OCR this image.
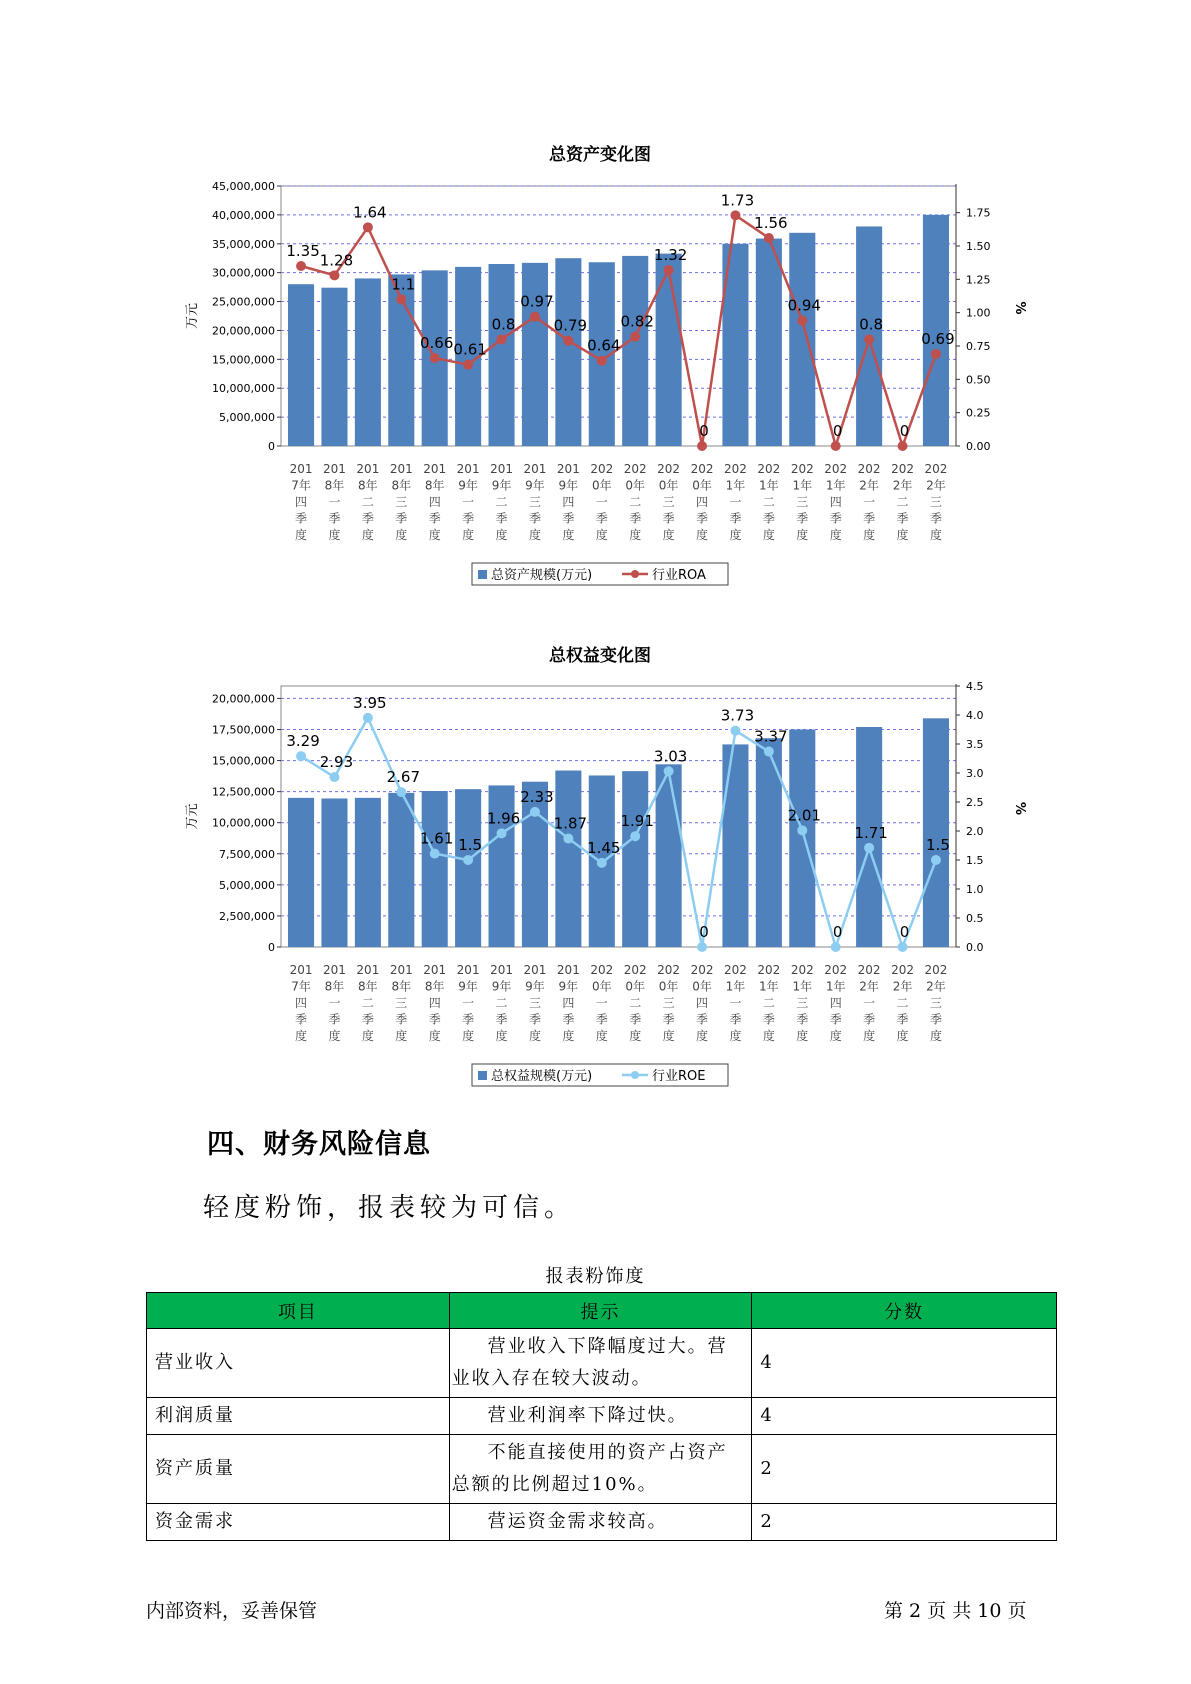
总资产变化图
0
5,000,000
10,000,000
15,000,000
20,000,000
25,000,000
30,000,000
35,000,000
40,000,000
45,000,000
0.00
0.25
0.50
0.75
1.00
1.25
1.50
1.75
万元	%
1.35
1.28
1.64
1.1
0.66 0.61
0.8
0.97
0.79
0.64
0.82
1.32
0
1.73
1.56
0.94
0
0.8
0
0.69
201
7年
四
季
度
201
8年
一
季
度
201
8年
二
季
度
201
8年
三
季
度
201
8年
四
季
度
201
9年
一
季
度
201
9年
二
季
度
201
9年
三
季
度
201
9年
四
季
度
202
0年
一
季
度
202
0年
二
季
度
202
0年
三
季
度
202
0年
四
季
度
202
1年
一
季
度
202
1年
二
季
度
202
1年
三
季
度
202
1年
四
季
度
202
2年
一
季
度
202
2年
二
季
度
202
2年
三
季
度
总资产规模(万元)	行业ROA
总权益变化图
0
2,500,000
5,000,000
7,500,000
10,000,000
12,500,000
15,000,000
17,500,000
20,000,000
0.0
0.5
1.0
1.5
2.0
2.5
3.0
3.5
4.0
4.5
万元	%
3.29
2.93
3.95
2.67
1.61 1.5
1.96
2.33
1.87
1.45
1.91
3.03
0
3.73
3.37
2.01
0
1.71
0
1.5
201
7年
四
季
度
201
8年
一
季
度
201
8年
二
季
度
201
8年
三
季
度
201
8年
四
季
度
201
9年
一
季
度
201
9年
二
季
度
201
9年
三
季
度
201
9年
四
季
度
202
0年
一
季
度
202
0年
二
季
度
202
0年
三
季
度
202
0年
四
季
度
202
1年
一
季
度
202
1年
二
季
度
202
1年
三
季
度
202
1年
四
季
度
202
2年
一
季
度
202
2年
二
季
度
202
2年
三
季
度
总权益规模(万元)	行业ROE
四、财务风险信息
轻度粉饰，报表较为可信。
报表粉饰度
项目	提示	分数
营业收入	营业收入下降幅度过大。营业收入存在较大波动。	4
利润质量	营业利润率下降过快。	4
资产质量	不能直接使用的资产占资产总额的比例超过10%。	2
资金需求	营运资金需求较高。	2
内部资料，妥善保管	第 2 页 共 10 页
